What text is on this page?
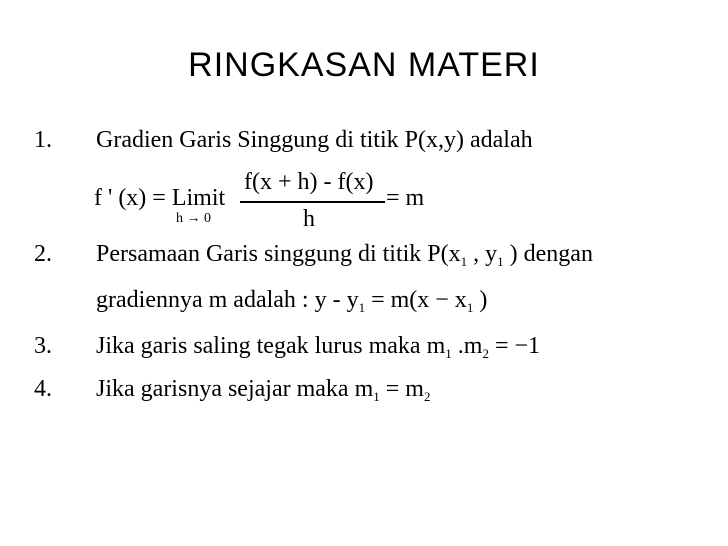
RINGKASAN MATERI
1. Gradien Garis Singgung di titik P(x,y) adalah
f ' (x) = Limit
h → 0
f(x + h) - f(x)
h
= m
2. Persamaan Garis singgung di titik $P(x_1$ , $y_1$ ) dengan
gradiennya m adalah : $y - y_1 = m(x - x_1$ )
3. Jika garis saling tegak lurus maka $m_1$ $.m_2 = -1$
4. Jika garisnya sejajar maka $m_1 = m_2$
